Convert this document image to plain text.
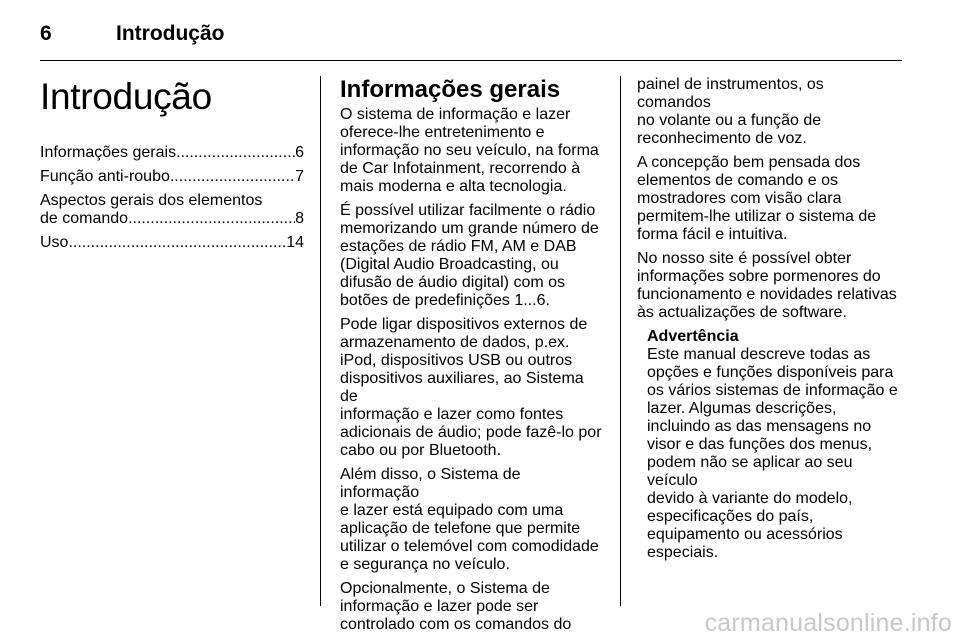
6	Introdução
Introdução
Informações gerais .....	6
Função anti-roubo .....	7
Aspectos gerais dos elementos
de comando .....	8
Uso .....	14
Informações gerais

O sistema de informação e lazer
oferece-lhe entretenimento e
informação no seu veículo, na forma
de Car Infotainment, recorrendo à
mais moderna e alta tecnologia.

É possível utilizar facilmente o rádio
memorizando um grande número de
estações de rádio FM, AM e DAB
(Digital Audio Broadcasting, ou
difusão de áudio digital) com os
botões de predefinições 1...6.

Pode ligar dispositivos externos de
armazenamento de dados, p.ex.
iPod, dispositivos USB ou outros
dispositivos auxiliares, ao Sistema de
informação e lazer como fontes
adicionais de áudio; pode fazê-lo por
cabo ou por Bluetooth.

Além disso, o Sistema de informação
e lazer está equipado com uma
aplicação de telefone que permite
utilizar o telemóvel com comodidade
e segurança no veículo.

Opcionalmente, o Sistema de
informação e lazer pode ser
controlado com os comandos do

painel de instrumentos, os comandos
no volante ou a função de
reconhecimento de voz.

A concepção bem pensada dos
elementos de comando e os
mostradores com visão clara
permitem-lhe utilizar o sistema de
forma fácil e intuitiva.

No nosso site é possível obter
informações sobre pormenores do
funcionamento e novidades relativas
às actualizações de software.

Advertência
Este manual descreve todas as
opções e funções disponíveis para
os vários sistemas de informação e
lazer. Algumas descrições,
incluindo as das mensagens no
visor e das funções dos menus,
podem não se aplicar ao seu veículo
devido à variante do modelo,
especificações do país,
equipamento ou acessórios
especiais.
carmanualsonline.info
